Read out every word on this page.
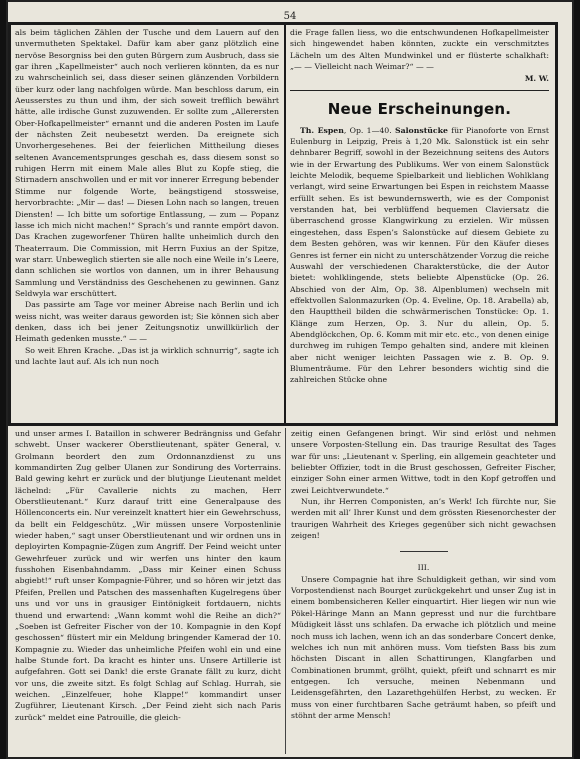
54

als beim täglichen Zählen der Tusche und dem Lauern auf den unvermutheten Spektakel. Dafür kam aber ganz plötzlich eine nervöse Besorgniss bei den guten Bürgern zum Ausbruch, dass sie gar ihren „Kapellmeister“ auch noch verlieren könnten, da es nur zu wahrscheinlich sei, dass dieser seinen glänzenden Vorbildern über kurz oder lang nachfolgen würde. Man beschloss darum, ein Aeusserstes zu thun und ihm, der sich soweit trefflich bewährt hätte, alle irdische Gunst zuzuwenden. Er sollte zum „Allerersten Ober-Hofkapellmeister“ ernannt und die anderen Posten im Laufe der nächsten Zeit neubesetzt werden. Da ereignete sich Unvorhergesehenes. Bei der feierlichen Mittheilung dieses seltenen Avancementsprunges geschah es, dass diesem sonst so ruhigen Herrn mit einem Male alles Blut zu Kopfe stieg, die Stirnadern anschwollen und er mit vor innerer Erregung bebender Stimme nur folgende Worte, beängstigend stossweise, hervorbrachte: „Mir — das! — Diesen Lohn nach so langen, treuen Diensten! — Ich bitte um sofortige Entlassung, — zum — Popanz lasse ich mich nicht machen!“ Sprach’s und rannte empört davon. Das Krachen zugeworfener Thüren hallte unheimlich durch den Theaterraum. Die Commission, mit Herrn Fuxius an der Spitze, war starr. Unbeweglich stierten sie alle noch eine Weile in’s Leere, dann schlichen sie wortlos von dannen, um in ihrer Behausung Sammlung und Verständniss des Geschehenen zu gewinnen. Ganz Seldwyla war erschüttert.

Das passirte am Tage vor meiner Abreise nach Berlin und ich weiss nicht, was weiter daraus geworden ist; Sie können sich aber denken, dass ich bei jener Zeitungsnotiz unwillkürlich der Heimath gedenken musste.“ — —

So weit Ehren Krache. „Das ist ja wirklich schnurrig“, sagte ich und lachte laut auf. Als ich nun noch

die Frage fallen liess, wo die entschwundenen Hofkapellmeister sich hingewendet haben könnten, zuckte ein verschmitztes Lächeln um des Alten Mundwinkel und er flüsterte schalkhaft: „— — Vielleicht nach Weimar?“ — —

M. W.
Neue Erscheinungen.

Th. Espen, Op. 1—40. Salonstücke für Pianoforte von Ernst Eulenburg in Leipzig, Preis à 1,20 Mk. Salonstück ist ein sehr dehnbarer Begriff, sowohl in der Bezeichnung seitens des Autors wie in der Erwartung des Publikums. Wer von einem Salonstück leichte Melodik, bequeme Spielbarkeit und lieblichen Wohlklang verlangt, wird seine Erwartungen bei Espen in reichstem Maasse erfüllt sehen. Es ist bewundernswerth, wie es der Componist verstanden hat, bei verblüffend bequemen Claviersatz die überraschend grosse Klangwirkung zu erzielen. Wir müssen eingestehen, dass Espen’s Salonstücke auf diesem Gebiete zu dem Besten gehören, was wir kennen. Für den Käufer dieses Genres ist ferner ein nicht zu unterschätzender Vorzug die reiche Auswahl der verschiedenen Charakterstücke, die der Autor bietet: wohlklingende, stets beliebte Alpenstücke (Op. 26. Abschied von der Alm, Op. 38. Alpenblumen) wechseln mit effektvollen Salonmazurken (Op. 4. Eveline, Op. 18. Arabella) ab, den Haupttheil bilden die schwärmerischen Tonstücke: Op. 1. Klänge zum Herzen, Op. 3. Nur du allein, Op. 5. Abendglöckchen, Op. 6. Komm mit mir etc. etc., von denen einige durchweg im ruhigen Tempo gehalten sind, andere mit kleinen aber nicht weniger leichten Passagen wie z. B. Op. 9. Blumenträume. Für den Lehrer besonders wichtig sind die zahlreichen Stücke ohne

und unser armes I. Bataillon in schwerer Bedrängniss und Gefahr schwebt. Unser wackerer Oberstlieutenant, später General, v. Grolmann beordert den zum Ordonnanzdienst zu uns kommandirten Zug gelber Ulanen zur Sondirung des Vorterrains. Bald gewing kehrt er zurück und der blutjunge Lieutenant meldet lächelnd: „Für Cavallerie nichts zu machen, Herr Oberstlieutenant.“ Kurz darauf tritt eine Generalpause des Höllenconcerts ein. Nur vereinzelt knattert hier ein Gewehrschuss, da bellt ein Feldgeschütz. „Wir müssen unsere Vorpostenlinie wieder haben,“ sagt unser Oberstlieutenant und wir ordnen uns in deployirten Kompagnie-Zügen zum Angriff. Der Feind weicht unter Gewehrfeuer zurück und wir werfen uns hinter den kaum fusshohen Eisenbahndamm. „Dass mir Keiner einen Schuss abgiebt!“ ruft unser Kompagnie-Führer, und so hören wir jetzt das Pfeifen, Prellen und Patschen des massenhaften Kugelregens über uns und vor uns in grausiger Eintönigkeit fortdauern, nichts thuend und erwartend: „Wann kommt wohl die Reihe an dich?“ „Soeben ist Gefreiter Fischer von der 10. Kompagnie in den Kopf geschossen“ flüstert mir ein Meldung bringender Kamerad der 10. Kompagnie zu. Wieder das unheimliche Pfeifen wohl ein und eine halbe Stunde fort. Da kracht es hinter uns. Unsere Artillerie ist aufgefahren. Gott sei Dank! die erste Granate fällt zu kurz, dicht vor uns, die zweite sitzt. Es folgt Schlag auf Schlag. Hurrah, sie weichen. „Einzelfeuer, hohe Klappe!“ kommandirt unser Zugführer, Lieutenant Kirsch. „Der Feind zieht sich nach Paris zurück“ meldet eine Patrouille, die gleich-

zeitig einen Gefangenen bringt. Wir sind erlöst und nehmen unsere Vorposten-Stellung ein. Das traurige Resultat des Tages war für uns: „Lieutenant v. Sperling, ein allgemein geachteter und beliebter Offizier, todt in die Brust geschossen, Gefreiter Fischer, einziger Sohn einer armen Wittwe, todt in den Kopf getroffen und zwei Leichtverwundete.“

Nun, ihr Herren Componisten, an’s Werk! Ich fürchte nur, Sie werden mit all’ Ihrer Kunst und dem grössten Riesenorchester der traurigen Wahrheit des Krieges gegenüber sich nicht gewachsen zeigen!

III.

Unsere Compagnie hat ihre Schuldigkeit gethan, wir sind vom Vorpostendienst nach Bourget zurückgekehrt und unser Zug ist in einem bombensicheren Keller einquartirt. Hier liegen wir nun wie Pökel-Häringe Mann an Mann gepresst und nur die furchtbare Müdigkeit lässt uns schlafen. Da erwache ich plötzlich und meine noch muss ich lachen, wenn ich an das sonderbare Concert denke, welches ich nun mit anhören muss. Vom tiefsten Bass bis zum höchsten Discant in allen Schattirungen, Klangfarben und Combinationen brummt, grölht, quiekt, pfeift und schnarrt es mir entgegen. Ich versuche, meinen Nebenmann und Leidensgefährten, den Lazarethgehülfen Herbst, zu wecken. Er muss von einer furchtbaren Sache geträumt haben, so pfeift und stöhnt der arme Mensch!
